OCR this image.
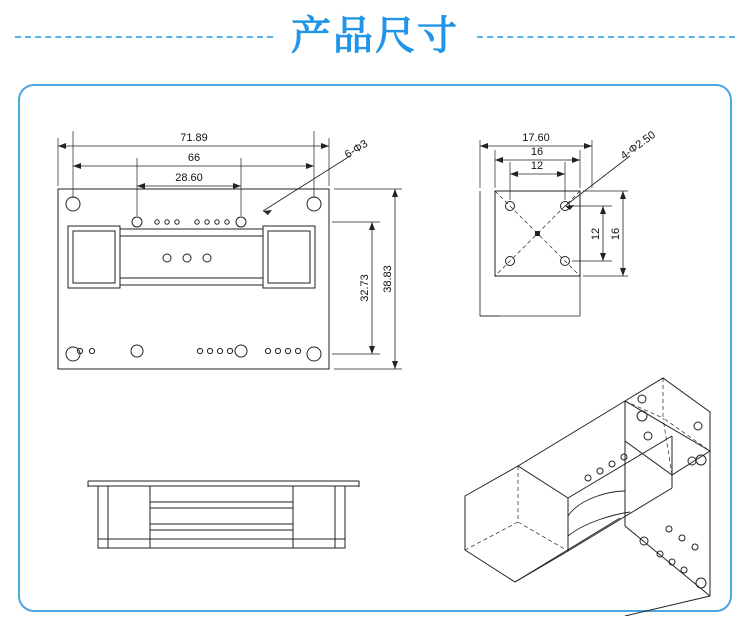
产品尺寸
71.89
66
28.60
6-Φ3
32.73 38.83
17.60
16
12
4-Φ2.50
12 16
